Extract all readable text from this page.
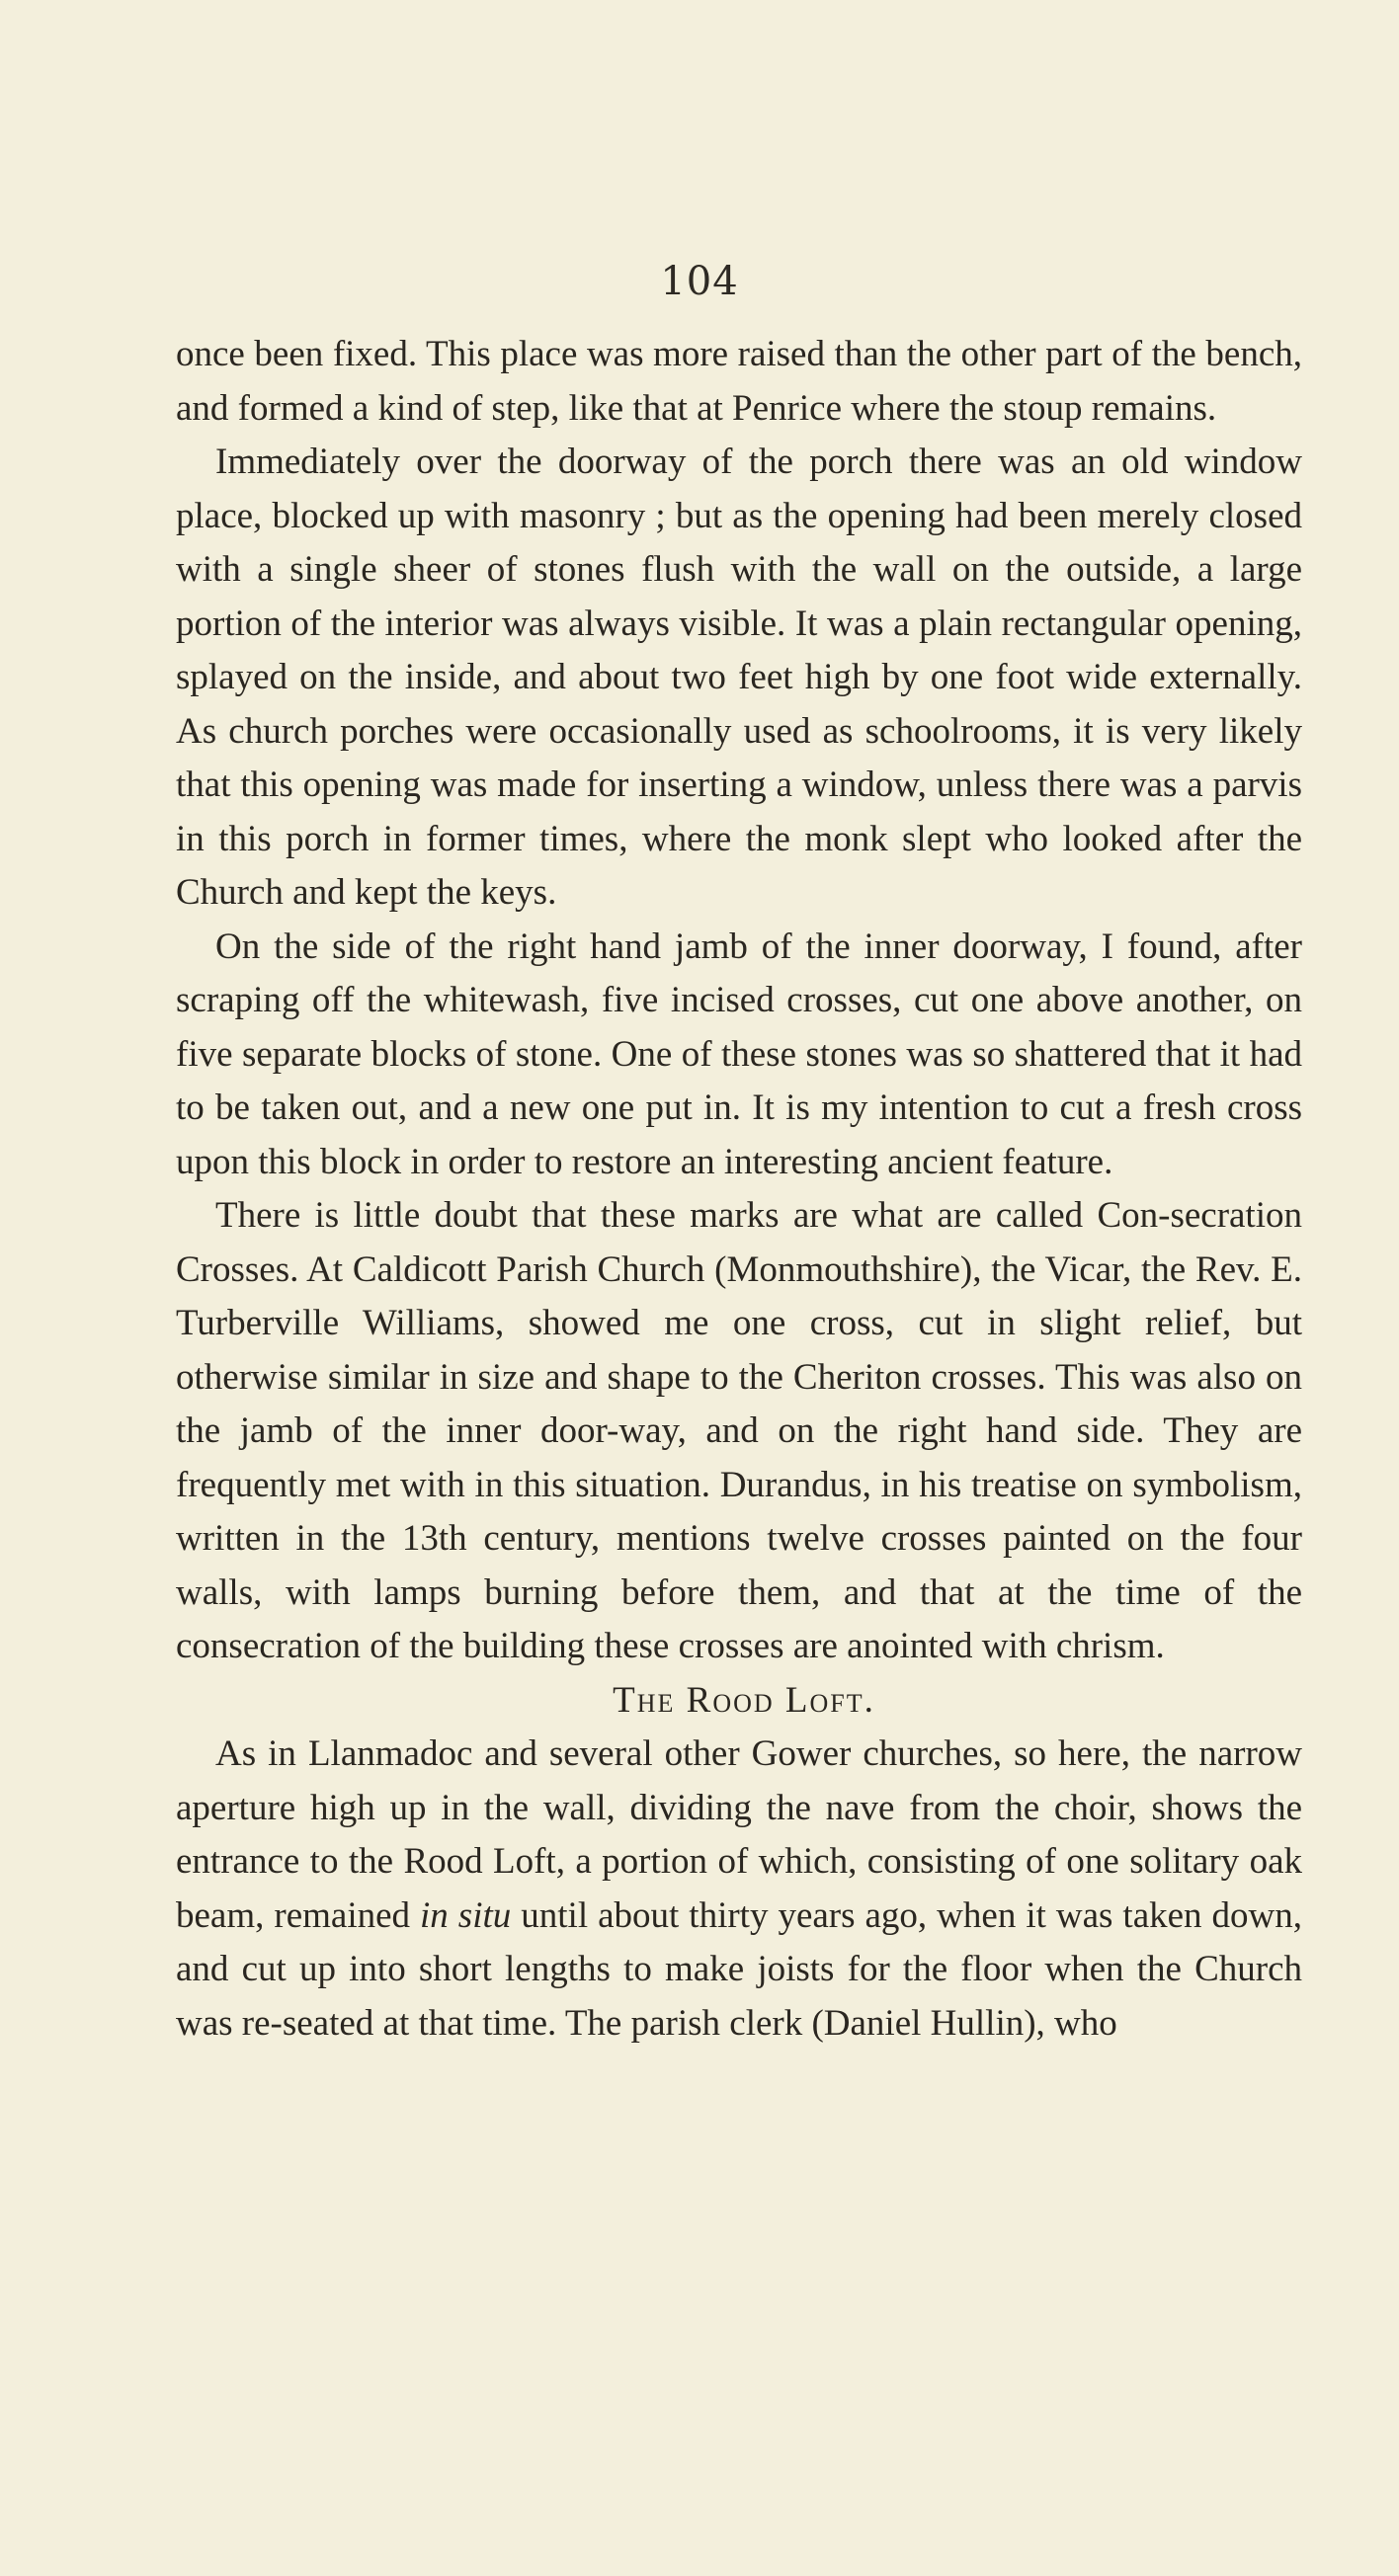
104

once been fixed. This place was more raised than the other part of the bench, and formed a kind of step, like that at Penrice where the stoup remains.

Immediately over the doorway of the porch there was an old window place, blocked up with masonry ; but as the opening had been merely closed with a single sheer of stones flush with the wall on the outside, a large portion of the interior was always visible. It was a plain rectangular opening, splayed on the inside, and about two feet high by one foot wide externally. As church porches were occasionally used as schoolrooms, it is very likely that this opening was made for inserting a window, unless there was a parvis in this porch in former times, where the monk slept who looked after the Church and kept the keys.

On the side of the right hand jamb of the inner doorway, I found, after scraping off the whitewash, five incised crosses, cut one above another, on five separate blocks of stone. One of these stones was so shattered that it had to be taken out, and a new one put in. It is my intention to cut a fresh cross upon this block in order to restore an interesting ancient feature.

There is little doubt that these marks are what are called Con-secration Crosses. At Caldicott Parish Church (Monmouthshire), the Vicar, the Rev. E. Turberville Williams, showed me one cross, cut in slight relief, but otherwise similar in size and shape to the Cheriton crosses. This was also on the jamb of the inner door-way, and on the right hand side. They are frequently met with in this situation. Durandus, in his treatise on symbolism, written in the 13th century, mentions twelve crosses painted on the four walls, with lamps burning before them, and that at the time of the consecration of the building these crosses are anointed with chrism.

The Rood Loft.

As in Llanmadoc and several other Gower churches, so here, the narrow aperture high up in the wall, dividing the nave from the choir, shows the entrance to the Rood Loft, a portion of which, consisting of one solitary oak beam, remained in situ until about thirty years ago, when it was taken down, and cut up into short lengths to make joists for the floor when the Church was re-seated at that time. The parish clerk (Daniel Hullin), who
